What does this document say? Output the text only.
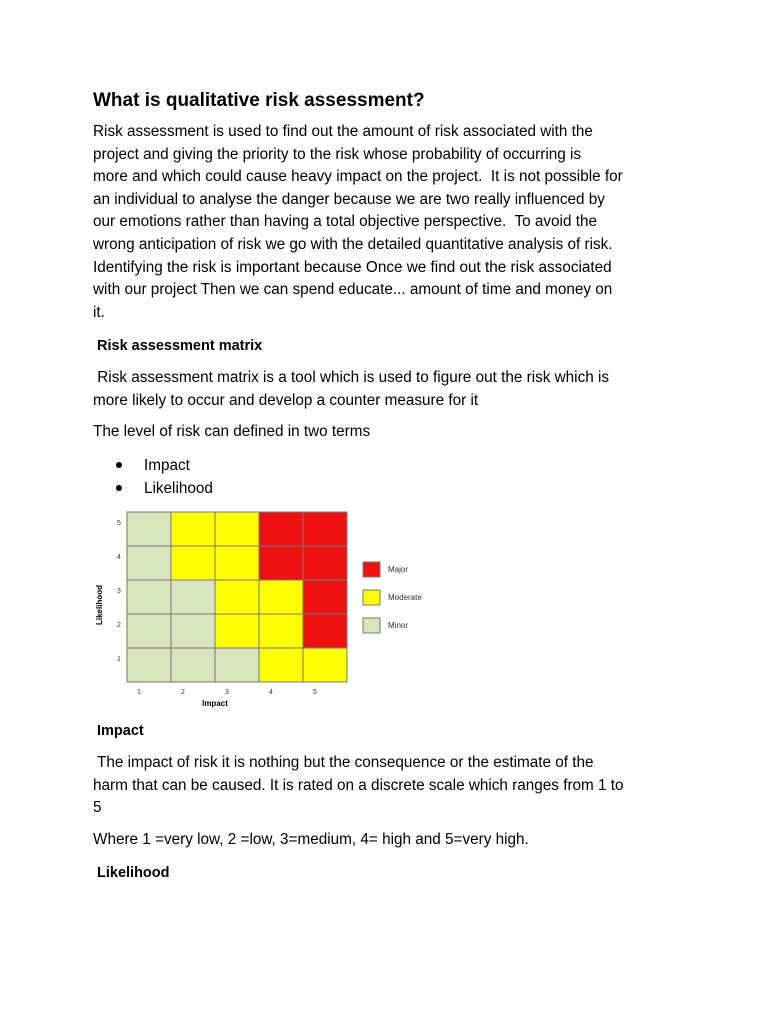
What is qualitative risk assessment?
Risk assessment is used to find out the amount of risk associated with the
project and giving the priority to the risk whose probability of occurring is
more and which could cause heavy impact on the project.  It is not possible for
an individual to analyse the danger because we are two really influenced by
our emotions rather than having a total objective perspective.  To avoid the
wrong anticipation of risk we go with the detailed quantitative analysis of risk.
Identifying the risk is important because Once we find out the risk associated
with our project Then we can spend educate... amount of time and money on
it.
Risk assessment matrix
Risk assessment matrix is a tool which is used to figure out the risk which is
more likely to occur and develop a counter measure for it

The level of risk can defined in two terms

Impact
Likelihood
1
2
3
4
5
1	2	3	4	5
Impact
Likelihood
Major
Moderate
Minor
Impact
The impact of risk it is nothing but the consequence or the estimate of the
harm that can be caused. It is rated on a discrete scale which ranges from 1 to
5

Where 1 =very low, 2 =low, 3=medium, 4= high and 5=very high.

Likelihood
